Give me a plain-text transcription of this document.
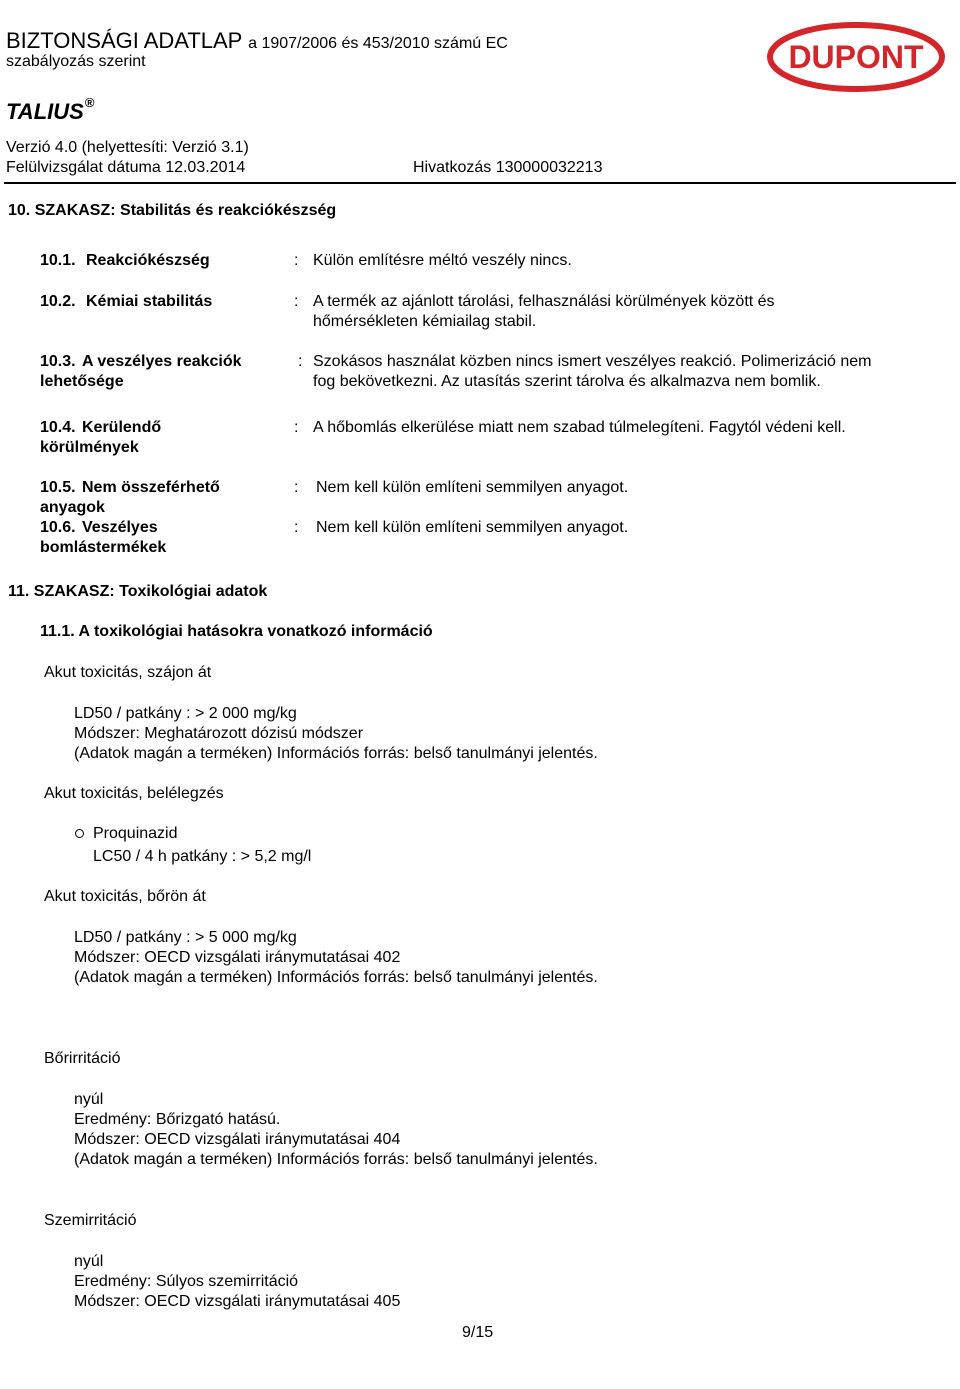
BIZTONSÁGI ADATLAP a 1907/2006 és 453/2010 számú EC
szabályozás szerint
TALIUS®
Verzió 4.0 (helyettesíti: Verzió 3.1)
Felülvizsgálat dátuma 12.03.2014	Hivatkozás 130000032213
DUPONT
10. SZAKASZ: Stabilitás és reakciókészség
10.1. Reakciókészség	: Külön említésre méltó veszély nincs.
10.2. Kémiai stabilitás	: A termék az ajánlott tárolási, felhasználási körülmények között és
hőmérsékleten kémiailag stabil.
10.3. A veszélyes reakciók
lehetősége
: Szokásos használat közben nincs ismert veszélyes reakció. Polimerizáció nem
fog bekövetkezni. Az utasítás szerint tárolva és alkalmazva nem bomlik.
10.4. Kerülendő
körülmények
: A hőbomlás elkerülése miatt nem szabad túlmelegíteni. Fagytól védeni kell.
10.5. Nem összeférhető
anyagok
: Nem kell külön említeni semmilyen anyagot.
10.6. Veszélyes
bomlástermékek
: Nem kell külön említeni semmilyen anyagot.
11. SZAKASZ: Toxikológiai adatok
11.1. A toxikológiai hatásokra vonatkozó információ
Akut toxicitás, szájon át
LD50 / patkány : > 2 000 mg/kg
Módszer: Meghatározott dózisú módszer
(Adatok magán a terméken) Információs forrás: belső tanulmányi jelentés.
Akut toxicitás, belélegzés
Proquinazid
LC50 / 4 h patkány : > 5,2 mg/l
Akut toxicitás, bőrön át
LD50 / patkány : > 5 000 mg/kg
Módszer: OECD vizsgálati iránymutatásai 402
(Adatok magán a terméken) Információs forrás: belső tanulmányi jelentés.
Bőrirritáció
nyúl
Eredmény: Bőrizgató hatású.
Módszer: OECD vizsgálati iránymutatásai 404
(Adatok magán a terméken) Információs forrás: belső tanulmányi jelentés.
Szemirritáció
nyúl
Eredmény: Súlyos szemirritáció
Módszer: OECD vizsgálati iránymutatásai 405
9/15
